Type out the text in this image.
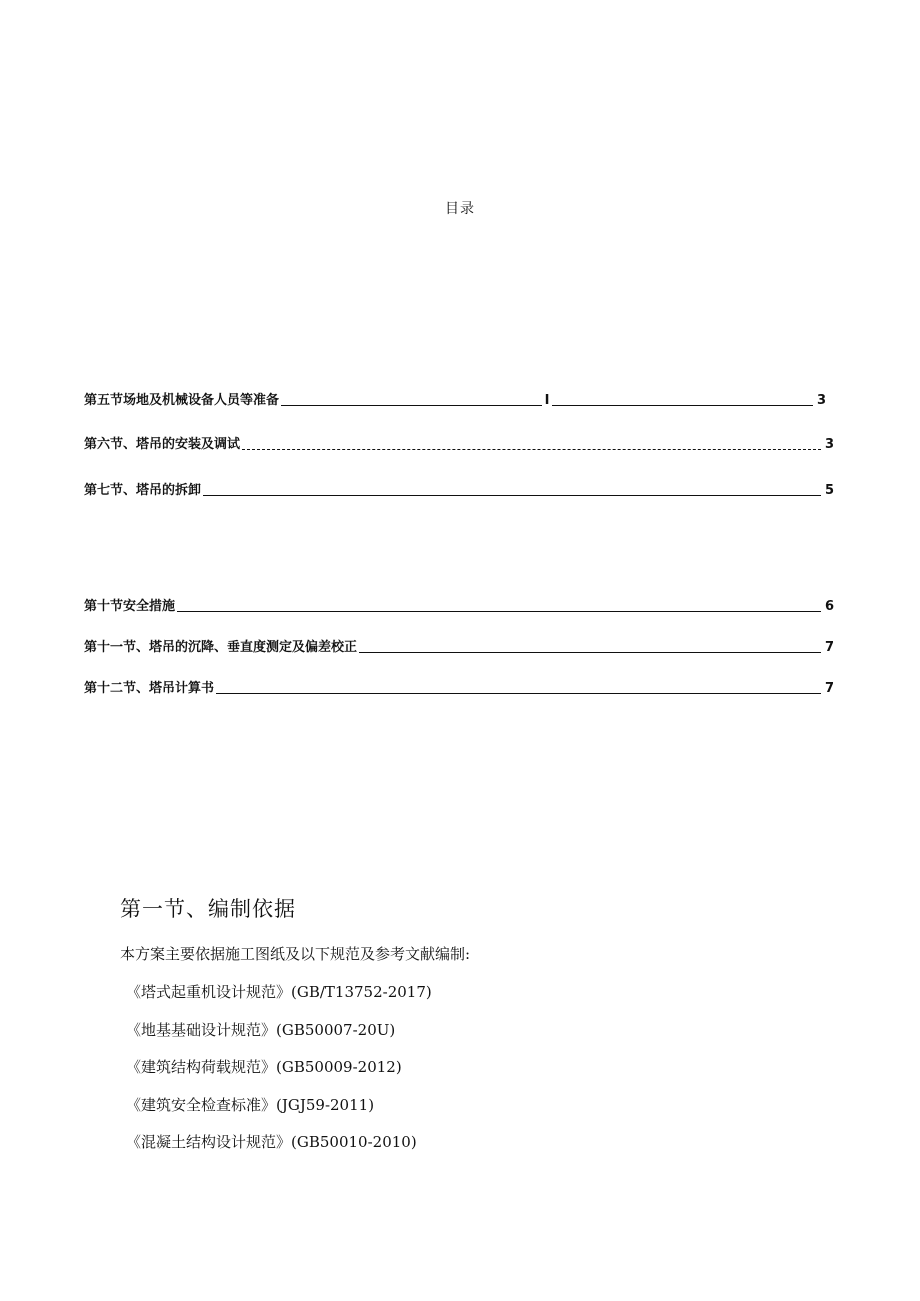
目录
第五节场地及机械设备人员等准备	I	3
第六节、塔吊的安装及调试	3
第七节、塔吊的拆卸	5
第十节安全措施	6
第十一节、塔吊的沉降、垂直度测定及偏差校正	7
第十二节、塔吊计算书	7
第一节、编制依据
本方案主要依据施工图纸及以下规范及参考文献编制:
《塔式起重机设计规范》(GB/T13752-2017)
《地基基础设计规范》(GB50007-20U)
《建筑结构荷载规范》(GB50009-2012)
《建筑安全检查标准》(JGJ59-2011)
《混凝土结构设计规范》(GB50010-2010)
